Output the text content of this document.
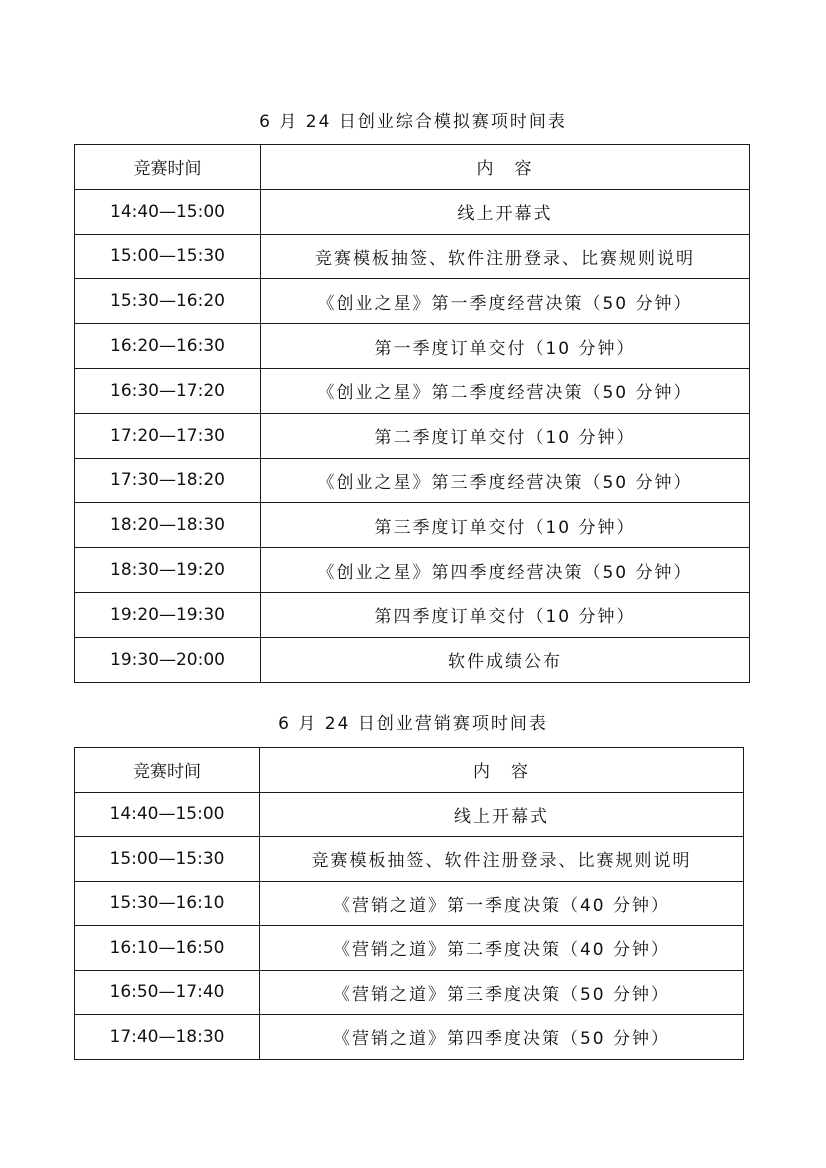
6 月 24 日创业综合模拟赛项时间表
竞赛时间	内　容
14:40—15:00	线上开幕式
15:00—15:30	竞赛模板抽签、软件注册登录、比赛规则说明
15:30—16:20	《创业之星》第一季度经营决策（50 分钟）
16:20—16:30	第一季度订单交付（10 分钟）
16:30—17:20	《创业之星》第二季度经营决策（50 分钟）
17:20—17:30	第二季度订单交付（10 分钟）
17:30—18:20	《创业之星》第三季度经营决策（50 分钟）
18:20—18:30	第三季度订单交付（10 分钟）
18:30—19:20	《创业之星》第四季度经营决策（50 分钟）
19:20—19:30	第四季度订单交付（10 分钟）
19:30—20:00	软件成绩公布
6 月 24 日创业营销赛项时间表
竞赛时间	内　容
14:40—15:00	线上开幕式
15:00—15:30	竞赛模板抽签、软件注册登录、比赛规则说明
15:30—16:10	《营销之道》第一季度决策（40 分钟）
16:10—16:50	《营销之道》第二季度决策（40 分钟）
16:50—17:40	《营销之道》第三季度决策（50 分钟）
17:40—18:30	《营销之道》第四季度决策（50 分钟）
